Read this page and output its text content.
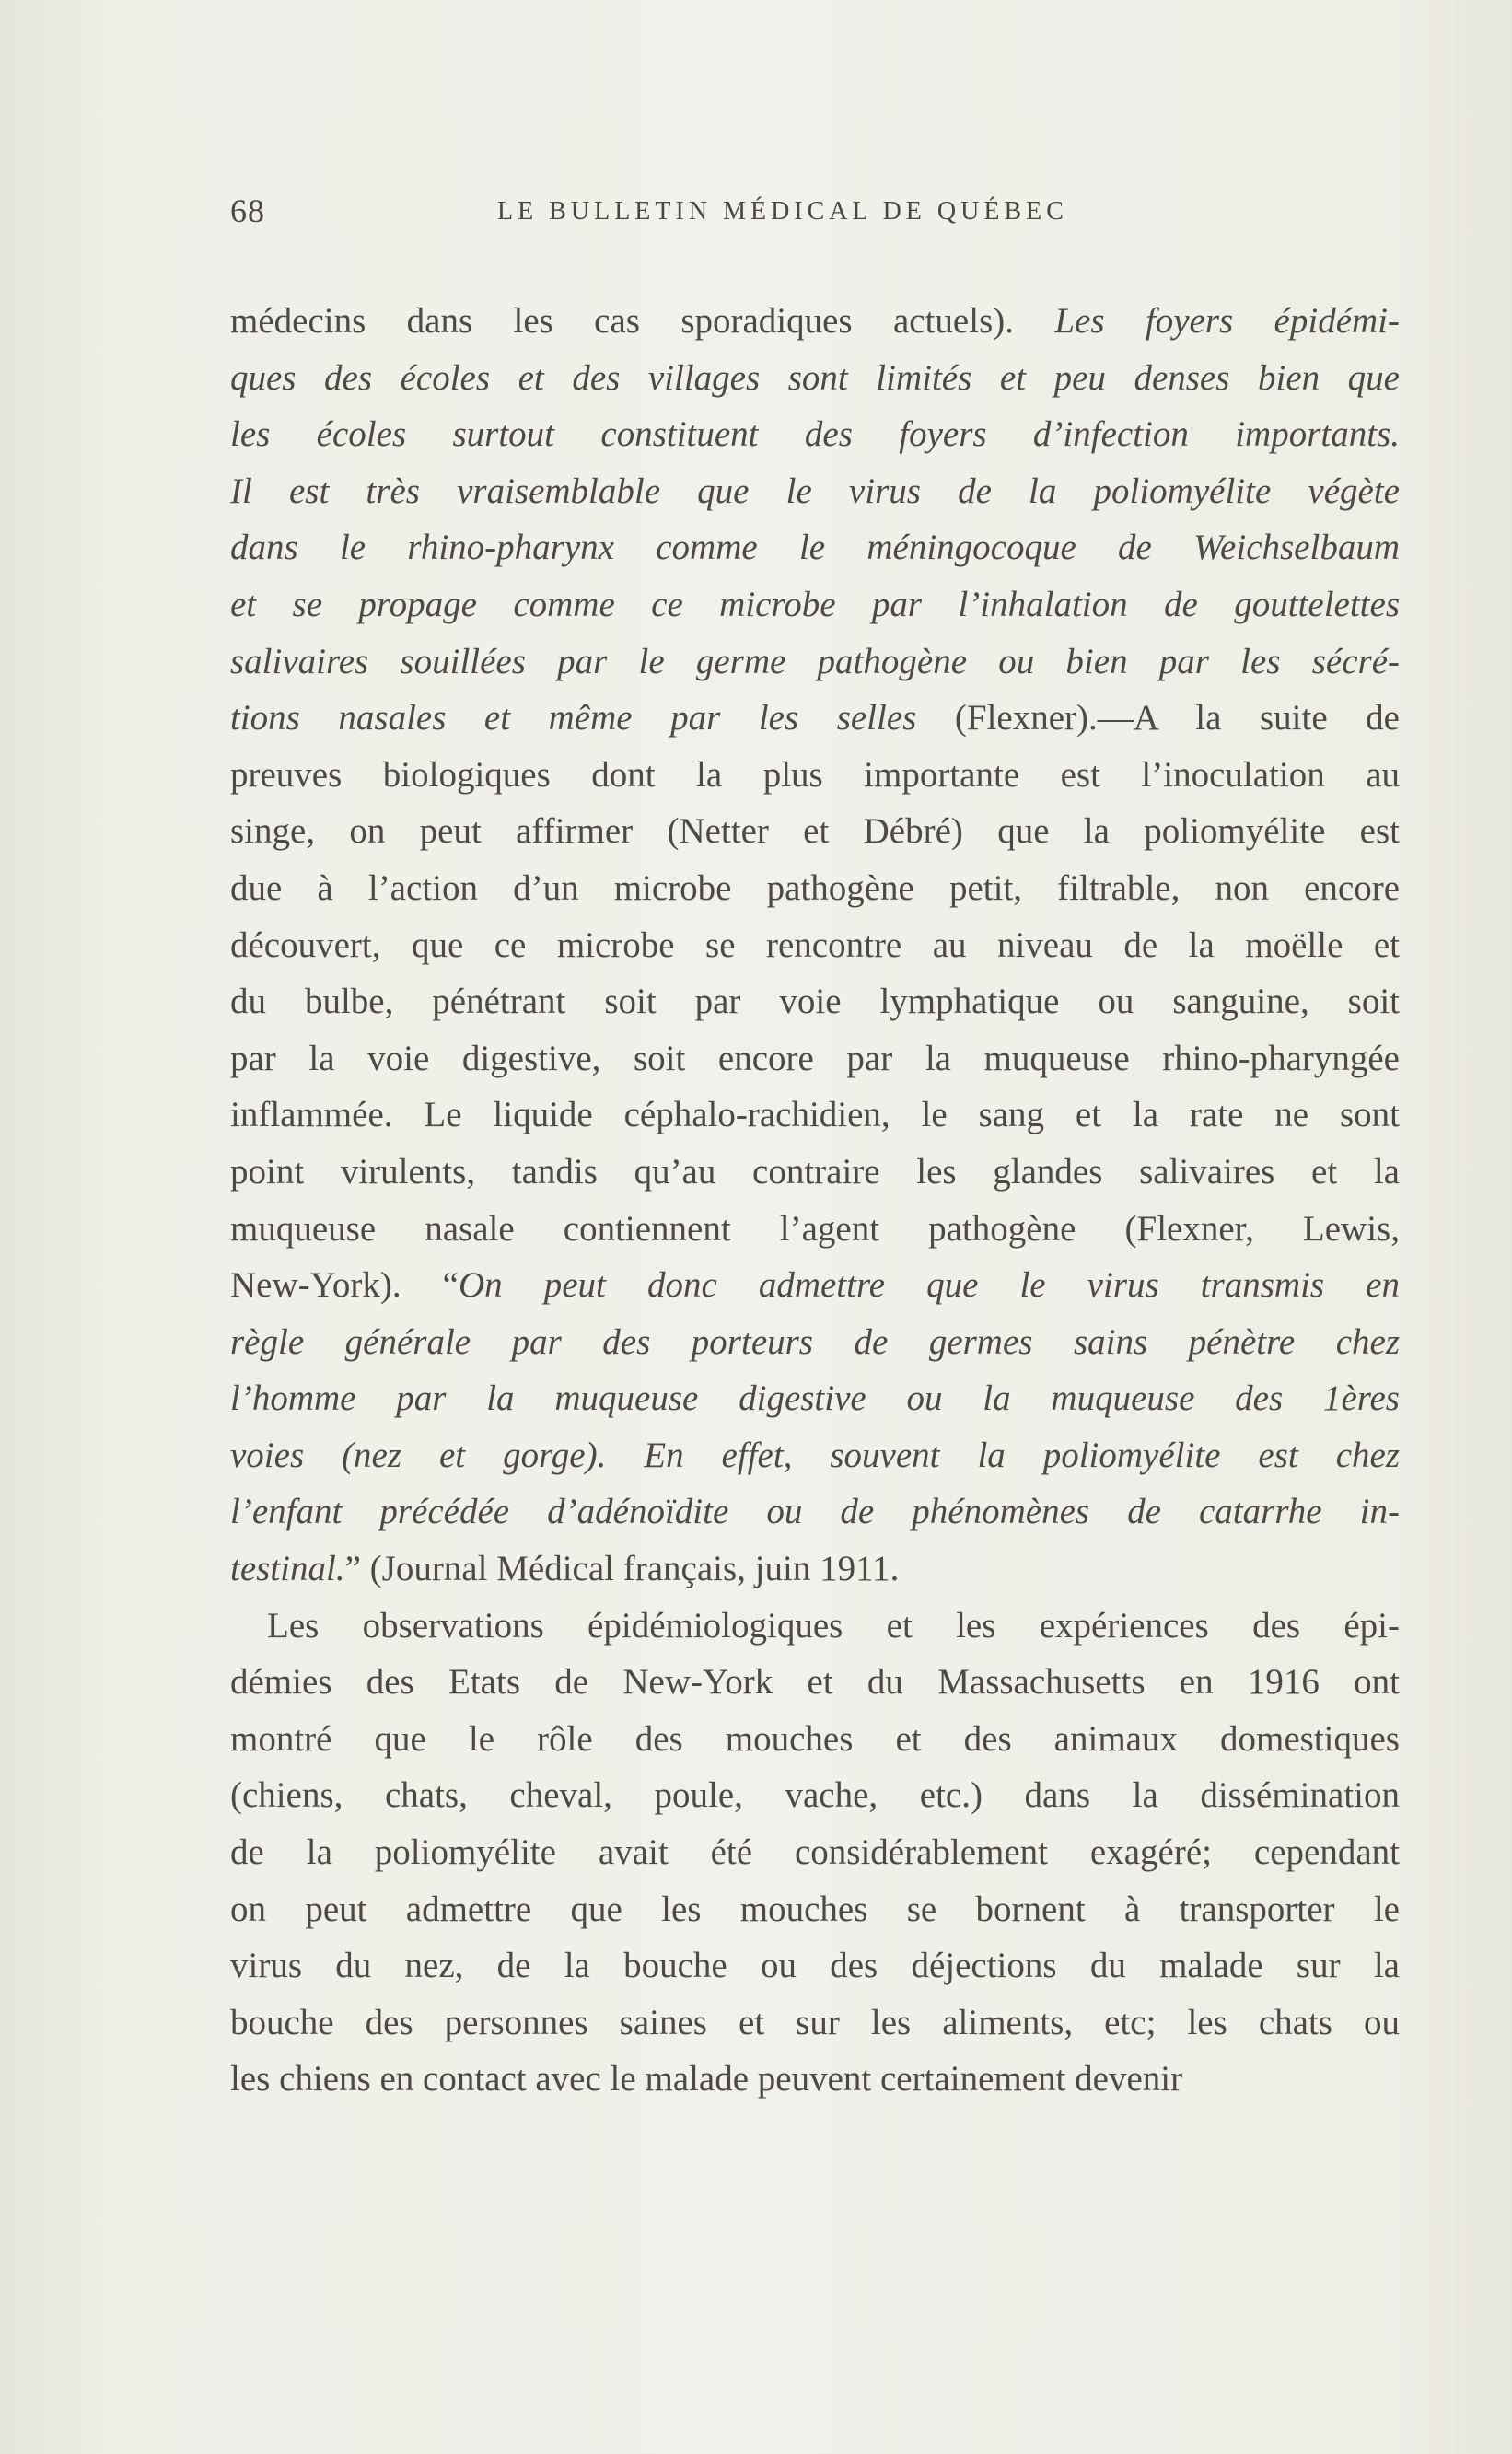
68	LE BULLETIN MÉDICAL DE QUÉBEC
médecins dans les cas sporadiques actuels). Les foyers épidémi-
ques des écoles et des villages sont limités et peu denses bien que
les écoles surtout constituent des foyers d’infection importants.
Il est très vraisemblable que le virus de la poliomyélite végète
dans le rhino-pharynx comme le méningocoque de Weichselbaum
et se propage comme ce microbe par l’inhalation de gouttelettes
salivaires souillées par le germe pathogène ou bien par les sécré-
tions nasales et même par les selles (Flexner).—A la suite de
preuves biologiques dont la plus importante est l’inoculation au
singe, on peut affirmer (Netter et Débré) que la poliomyélite est
due à l’action d’un microbe pathogène petit, filtrable, non encore
découvert, que ce microbe se rencontre au niveau de la moëlle et
du bulbe, pénétrant soit par voie lymphatique ou sanguine, soit
par la voie digestive, soit encore par la muqueuse rhino-pharyngée
inflammée. Le liquide céphalo-rachidien, le sang et la rate ne sont
point virulents, tandis qu’au contraire les glandes salivaires et la
muqueuse nasale contiennent l’agent pathogène (Flexner, Lewis,
New-York). “On peut donc admettre que le virus transmis en
règle générale par des porteurs de germes sains pénètre chez
l’homme par la muqueuse digestive ou la muqueuse des 1ères
voies (nez et gorge). En effet, souvent la poliomyélite est chez
l’enfant précédée d’adénoïdite ou de phénomènes de catarrhe in-
testinal.” (Journal Médical français, juin 1911.
Les observations épidémiologiques et les expériences des épi-
démies des Etats de New-York et du Massachusetts en 1916 ont
montré que le rôle des mouches et des animaux domestiques
(chiens, chats, cheval, poule, vache, etc.) dans la dissémination
de la poliomyélite avait été considérablement exagéré; cependant
on peut admettre que les mouches se bornent à transporter le
virus du nez, de la bouche ou des déjections du malade sur la
bouche des personnes saines et sur les aliments, etc; les chats ou
les chiens en contact avec le malade peuvent certainement devenir
